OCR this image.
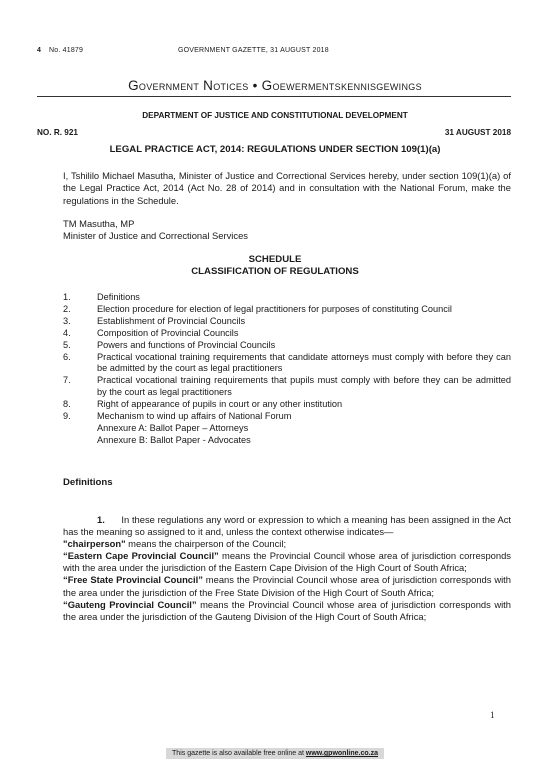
4 No. 41879	GOVERNMENT GAZETTE, 31 AUGUST 2018
Government Notices • Goewermentskennisgewings
DEPARTMENT OF JUSTICE AND CONSTITUTIONAL DEVELOPMENT
NO. R. 921	31 AUGUST 2018
LEGAL PRACTICE ACT, 2014: REGULATIONS UNDER SECTION 109(1)(a)
I, Tshililo Michael Masutha, Minister of Justice and Correctional Services hereby, under section 109(1)(a) of the Legal Practice Act, 2014 (Act No. 28 of 2014) and in consultation with the National Forum, make the regulations in the Schedule.
TM Masutha, MP
Minister of Justice and Correctional Services
SCHEDULE
CLASSIFICATION OF REGULATIONS
1.	Definitions
2.	Election procedure for election of legal practitioners for purposes of constituting Council
3.	Establishment of Provincial Councils
4.	Composition of Provincial Councils
5.	Powers and functions of Provincial Councils
6.	Practical vocational training requirements that candidate attorneys must comply with before they can be admitted by the court as legal practitioners
7.	Practical vocational training requirements that pupils must comply with before they can be admitted by the court as legal practitioners
8.	Right of appearance of pupils in court or any other institution
9.	Mechanism to wind up affairs of National Forum
Annexure A: Ballot Paper – Attorneys
Annexure B: Ballot Paper - Advocates
Definitions

1. In these regulations any word or expression to which a meaning has been assigned in the Act has the meaning so assigned to it and, unless the context otherwise indicates—

"chairperson" means the chairperson of the Council;

“Eastern Cape Provincial Council” means the Provincial Council whose area of jurisdiction corresponds with the area under the jurisdiction of the Eastern Cape Division of the High Court of South Africa;

“Free State Provincial Council” means the Provincial Council whose area of jurisdiction corresponds with the area under the jurisdiction of the Free State Division of the High Court of South Africa;

“Gauteng Provincial Council” means the Provincial Council whose area of jurisdiction corresponds with the area under the jurisdiction of the Gauteng Division of the High Court of South Africa;

1
This gazette is also available free online at www.gpwonline.co.za
